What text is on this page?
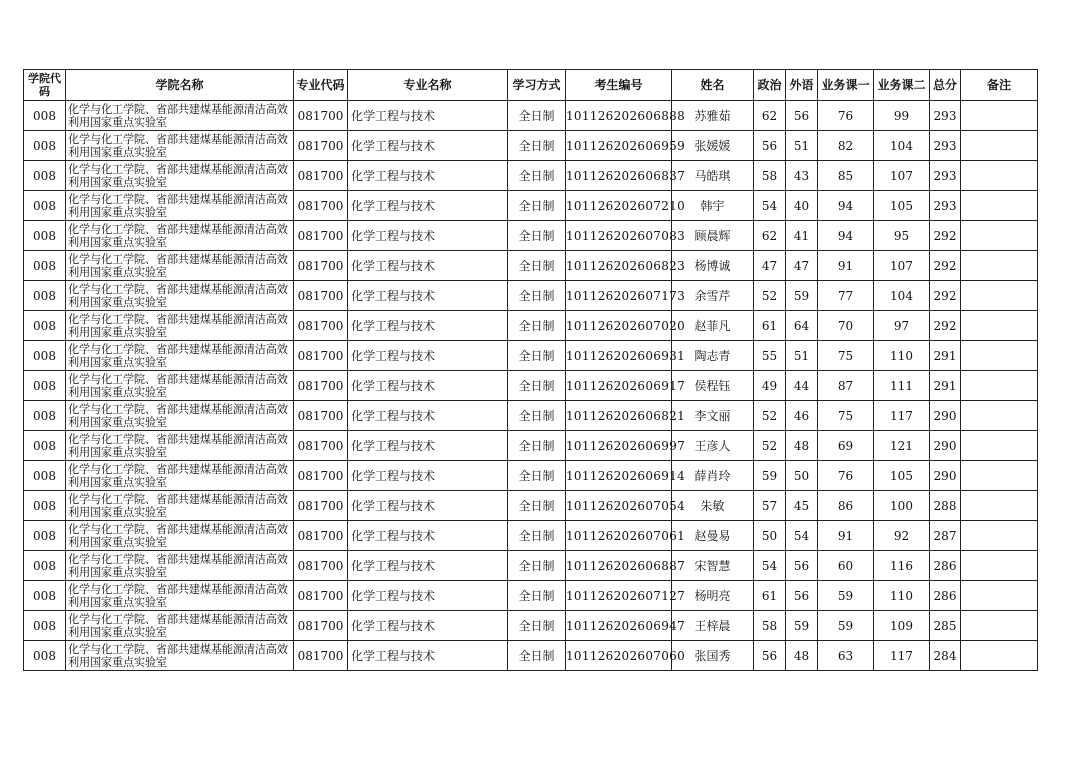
学院代码	学院名称	专业代码	专业名称	学习方式	考生编号	姓名	政治	外语	业务课一	业务课二	总分	备注
008	化学与化工学院、省部共建煤基能源清洁高效利用国家重点实验室	081700	化学工程与技术	全日制	101126202606888	苏雅茹	62	56	76	99	293	
008	化学与化工学院、省部共建煤基能源清洁高效利用国家重点实验室	081700	化学工程与技术	全日制	101126202606959	张媛媛	56	51	82	104	293	
008	化学与化工学院、省部共建煤基能源清洁高效利用国家重点实验室	081700	化学工程与技术	全日制	101126202606837	马皓琪	58	43	85	107	293	
008	化学与化工学院、省部共建煤基能源清洁高效利用国家重点实验室	081700	化学工程与技术	全日制	101126202607210	韩宇	54	40	94	105	293	
008	化学与化工学院、省部共建煤基能源清洁高效利用国家重点实验室	081700	化学工程与技术	全日制	101126202607083	顾晨辉	62	41	94	95	292	
008	化学与化工学院、省部共建煤基能源清洁高效利用国家重点实验室	081700	化学工程与技术	全日制	101126202606823	杨博诚	47	47	91	107	292	
008	化学与化工学院、省部共建煤基能源清洁高效利用国家重点实验室	081700	化学工程与技术	全日制	101126202607173	余雪芹	52	59	77	104	292	
008	化学与化工学院、省部共建煤基能源清洁高效利用国家重点实验室	081700	化学工程与技术	全日制	101126202607020	赵菲凡	61	64	70	97	292	
008	化学与化工学院、省部共建煤基能源清洁高效利用国家重点实验室	081700	化学工程与技术	全日制	101126202606931	陶志青	55	51	75	110	291	
008	化学与化工学院、省部共建煤基能源清洁高效利用国家重点实验室	081700	化学工程与技术	全日制	101126202606917	侯程钰	49	44	87	111	291	
008	化学与化工学院、省部共建煤基能源清洁高效利用国家重点实验室	081700	化学工程与技术	全日制	101126202606821	李文丽	52	46	75	117	290	
008	化学与化工学院、省部共建煤基能源清洁高效利用国家重点实验室	081700	化学工程与技术	全日制	101126202606997	王彦人	52	48	69	121	290	
008	化学与化工学院、省部共建煤基能源清洁高效利用国家重点实验室	081700	化学工程与技术	全日制	101126202606914	薛肖玲	59	50	76	105	290	
008	化学与化工学院、省部共建煤基能源清洁高效利用国家重点实验室	081700	化学工程与技术	全日制	101126202607054	朱敏	57	45	86	100	288	
008	化学与化工学院、省部共建煤基能源清洁高效利用国家重点实验室	081700	化学工程与技术	全日制	101126202607061	赵曼易	50	54	91	92	287	
008	化学与化工学院、省部共建煤基能源清洁高效利用国家重点实验室	081700	化学工程与技术	全日制	101126202606887	宋智慧	54	56	60	116	286	
008	化学与化工学院、省部共建煤基能源清洁高效利用国家重点实验室	081700	化学工程与技术	全日制	101126202607127	杨明亮	61	56	59	110	286	
008	化学与化工学院、省部共建煤基能源清洁高效利用国家重点实验室	081700	化学工程与技术	全日制	101126202606947	王梓晨	58	59	59	109	285	
008	化学与化工学院、省部共建煤基能源清洁高效利用国家重点实验室	081700	化学工程与技术	全日制	101126202607060	张国秀	56	48	63	117	284	
